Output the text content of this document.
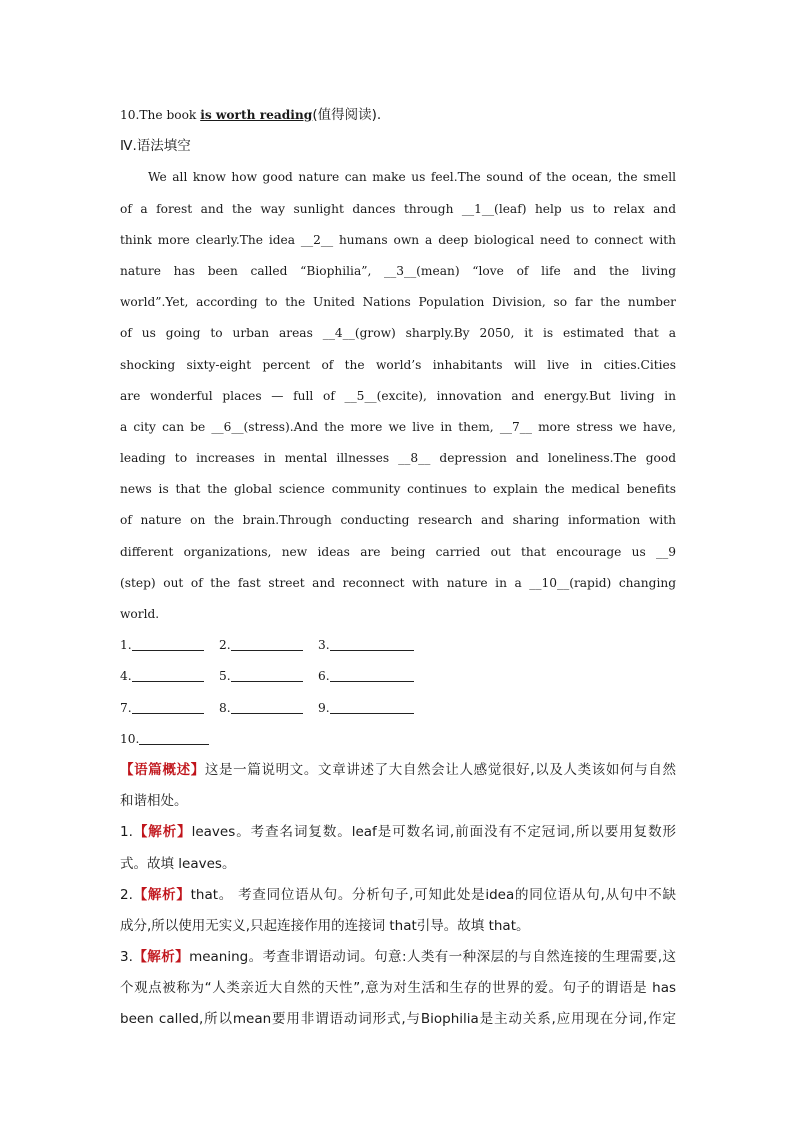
10.The book is worth reading(值得阅读).
Ⅳ.语法填空
We all know how good nature can make us feel.The sound of the ocean, the smell
of a forest and the way sunlight dances through __1__(leaf) help us to relax and
think more clearly.The idea __2__ humans own a deep biological need to connect with
nature has been called “Biophilia”, __3__(mean) “love of life and the living
world”.Yet, according to the United Nations Population Division, so far the number
of us going to urban areas __4__(grow) sharply.By 2050, it is estimated that a
shocking sixty-eight percent of the world’s inhabitants will live in cities.Cities
are wonderful places — full of __5__(excite), innovation and energy.But living in
a city can be __6__(stress).And the more we live in them, __7__ more stress we have,
leading to increases in mental illnesses __8__ depression and loneliness.The good
news is that the global science community continues to explain the medical benefits
of nature on the brain.Through conducting research and sharing information with
different organizations, new ideas are being carried out that encourage us __9
(step) out of the fast street and reconnect with nature in a __10__(rapid) changing
world.
1.	2.	3.
4.	5.	6.
7.	8.	9.
10.
【语篇概述】这是一篇说明文。文章讲述了大自然会让人感觉很好,以及人类该如何与自然
和谐相处。
1.【解析】leaves。考查名词复数。leaf是可数名词,前面没有不定冠词,所以要用复数形
式。故填 leaves。
2.【解析】that。 考查同位语从句。分析句子,可知此处是idea的同位语从句,从句中不缺
成分,所以使用无实义,只起连接作用的连接词 that引导。故填 that。
3.【解析】meaning。考查非谓语动词。句意:人类有一种深层的与自然连接的生理需要,这
个观点被称为“人类亲近大自然的天性”,意为对生活和生存的世界的爱。句子的谓语是 has
been called,所以mean要用非谓语动词形式,与Biophilia是主动关系,应用现在分词,作定
